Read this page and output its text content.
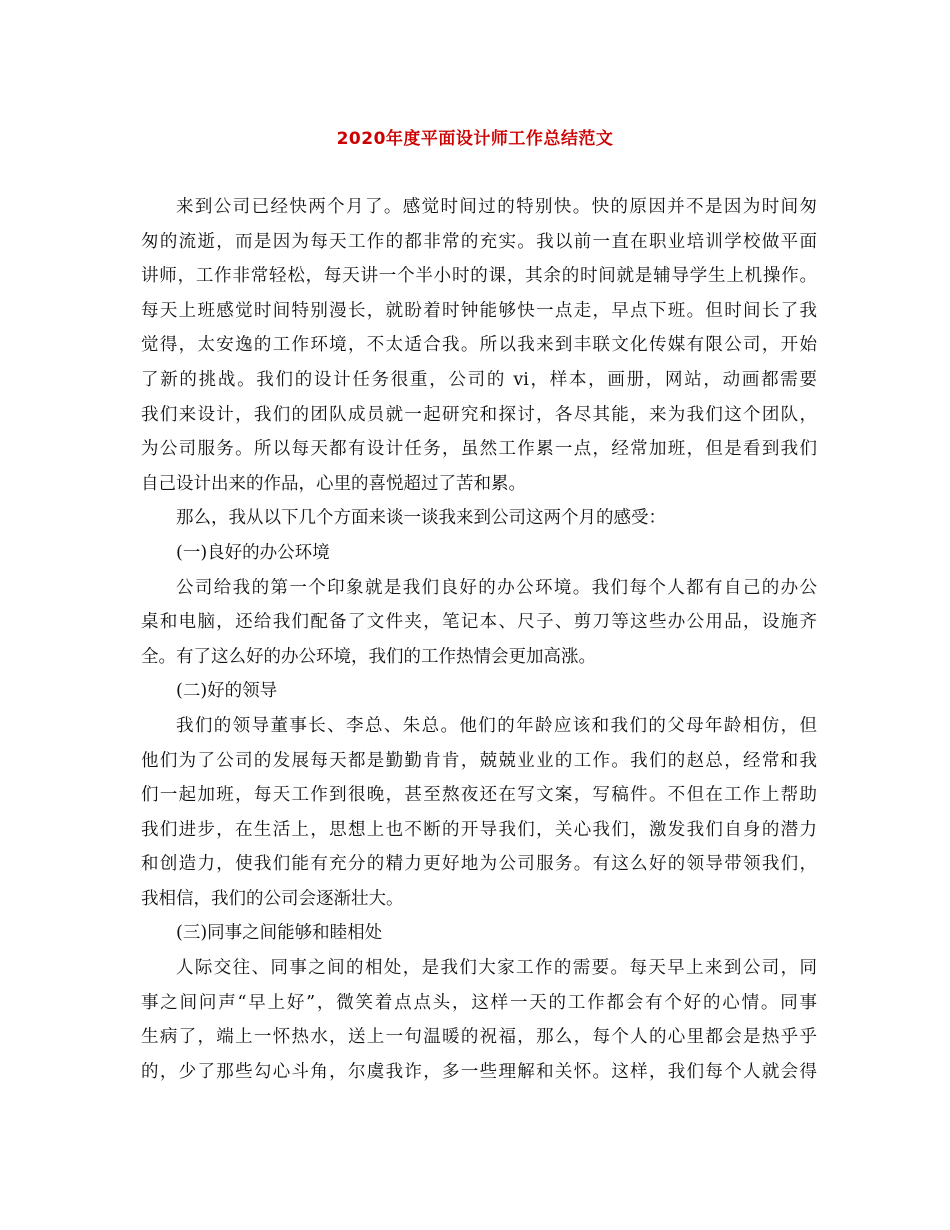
2020年度平面设计师工作总结范文
来到公司已经快两个月了。感觉时间过的特别快。快的原因并不是因为时间匆
匆的流逝，而是因为每天工作的都非常的充实。我以前一直在职业培训学校做平面
讲师，工作非常轻松，每天讲一个半小时的课，其余的时间就是辅导学生上机操作。
每天上班感觉时间特别漫长，就盼着时钟能够快一点走，早点下班。但时间长了我
觉得，太安逸的工作环境，不太适合我。所以我来到丰联文化传媒有限公司，开始
了新的挑战。我们的设计任务很重，公司的 vi，样本，画册，网站，动画都需要
我们来设计，我们的团队成员就一起研究和探讨，各尽其能，来为我们这个团队，
为公司服务。所以每天都有设计任务，虽然工作累一点，经常加班，但是看到我们
自己设计出来的作品，心里的喜悦超过了苦和累。
那么，我从以下几个方面来谈一谈我来到公司这两个月的感受：
(一)良好的办公环境
公司给我的第一个印象就是我们良好的办公环境。我们每个人都有自己的办公
桌和电脑，还给我们配备了文件夹，笔记本、尺子、剪刀等这些办公用品，设施齐
全。有了这么好的办公环境，我们的工作热情会更加高涨。
(二)好的领导
我们的领导董事长、李总、朱总。他们的年龄应该和我们的父母年龄相仿，但
他们为了公司的发展每天都是勤勤肯肯，兢兢业业的工作。我们的赵总，经常和我
们一起加班，每天工作到很晚，甚至熬夜还在写文案，写稿件。不但在工作上帮助
我们进步，在生活上，思想上也不断的开导我们，关心我们，激发我们自身的潜力
和创造力，使我们能有充分的精力更好地为公司服务。有这么好的领导带领我们，
我相信，我们的公司会逐渐壮大。
(三)同事之间能够和睦相处
人际交往、同事之间的相处，是我们大家工作的需要。每天早上来到公司，同
事之间问声“早上好”，微笑着点点头，这样一天的工作都会有个好的心情。同事
生病了，端上一怀热水，送上一句温暖的祝福，那么，每个人的心里都会是热乎乎
的，少了那些勾心斗角，尔虞我诈，多一些理解和关怀。这样，我们每个人就会得
